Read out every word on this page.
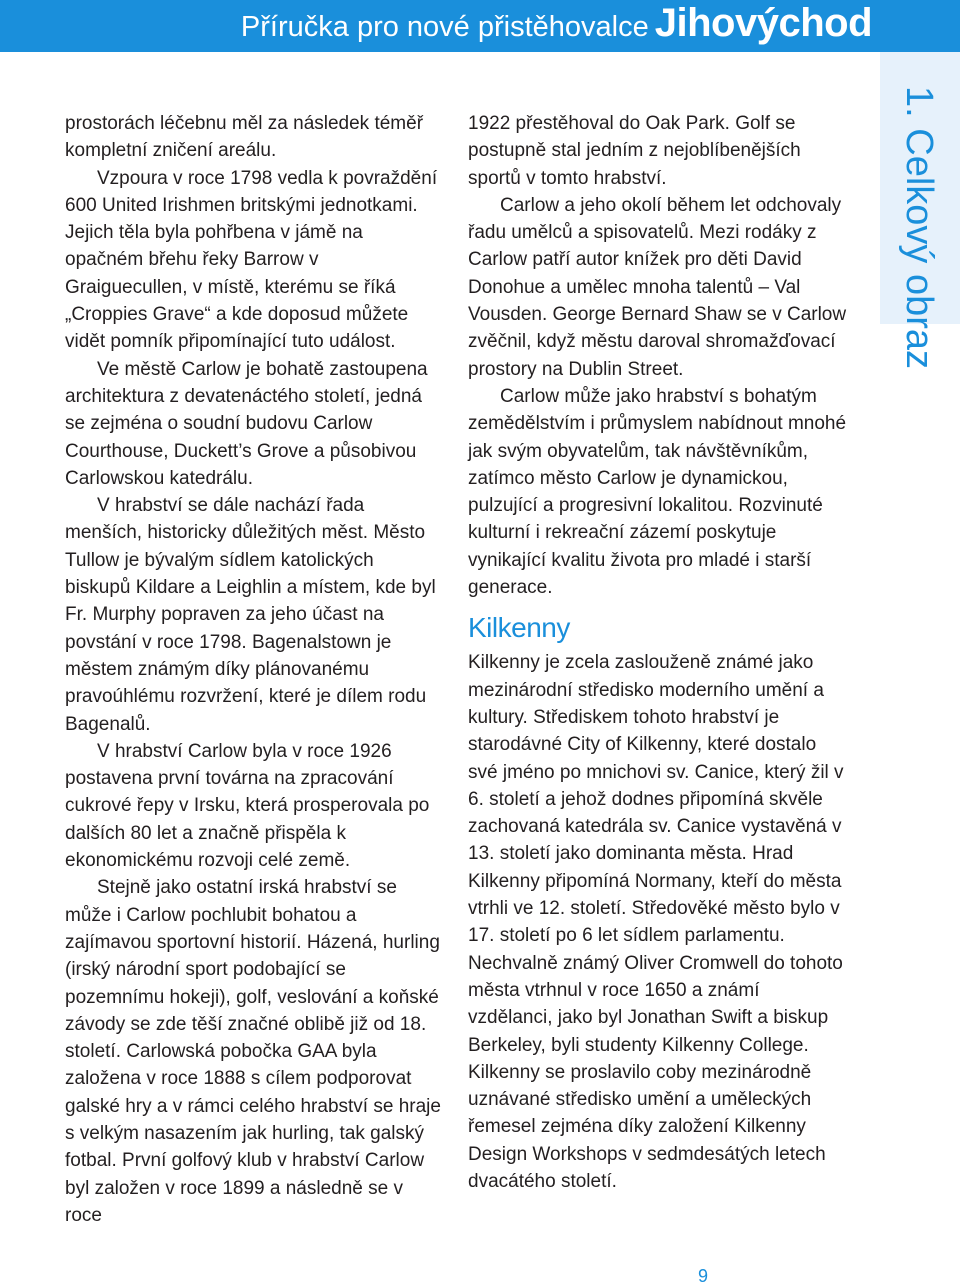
Příručka pro nové přistěhovalce Jihovýchod
1. Celkový obraz

prostorách léčebnu měl za následek téměř kompletní zničení areálu.

Vzpoura v roce 1798 vedla k povraždění 600 United Irishmen britskými jednotkami. Jejich těla byla pohřbena v jámě na opačném břehu řeky Barrow v Graiguecullen, v místě, kterému se říká „Croppies Grave“ a kde doposud můžete vidět pomník připomínající tuto událost.

Ve městě Carlow je bohatě zastoupena architektura z devatenáctého století, jedná se zejména o soudní budovu Carlow Courthouse, Duckett’s Grove a působivou Carlowskou katedrálu.

V hrabství se dále nachází řada menších, historicky důležitých měst. Město Tullow je bývalým sídlem katolických biskupů Kildare a Leighlin a místem, kde byl Fr. Murphy popraven za jeho účast na povstání v roce 1798. Bagenalstown je městem známým díky plánovanému pravoúhlému rozvržení, které je dílem rodu Bagenalů.

V hrabství Carlow byla v roce 1926 postavena první továrna na zpracování cukrové řepy v Irsku, která prosperovala po dalších 80 let a značně přispěla k ekonomickému rozvoji celé země.

Stejně jako ostatní irská hrabství se může i Carlow pochlubit bohatou a zajímavou sportovní historií. Házená, hurling (irský národní sport podobající se pozemnímu hokeji), golf, veslování a koňské závody se zde těší značné oblibě již od 18. století. Carlowská pobočka GAA byla založena v roce 1888 s cílem podporovat galské hry a v rámci celého hrabství se hraje s velkým nasazením jak hurling, tak galský fotbal. První golfový klub v hrabství Carlow byl založen v roce 1899 a následně se v roce

1922 přestěhoval do Oak Park. Golf se postupně stal jedním z nejoblíbenějších sportů v tomto hrabství.

Carlow a jeho okolí během let odchovaly řadu umělců a spisovatelů. Mezi rodáky z Carlow patří autor knížek pro děti David Donohue a umělec mnoha talentů – Val Vousden. George Bernard Shaw se v Carlow zvěčnil, když městu daroval shromažďovací prostory na Dublin Street.

Carlow může jako hrabství s bohatým zemědělstvím i průmyslem nabídnout mnohé jak svým obyvatelům, tak návštěvníkům, zatímco město Carlow je dynamickou, pulzující a progresivní lokalitou. Rozvinuté kulturní i rekreační zázemí poskytuje vynikající kvalitu života pro mladé i starší generace.

Kilkenny

Kilkenny je zcela zaslouženě známé jako mezinárodní středisko moderního umění a kultury. Střediskem tohoto hrabství je starodávné City of Kilkenny, které dostalo své jméno po mnichovi sv. Canice, který žil v 6. století a jehož dodnes připomíná skvěle zachovaná katedrála sv. Canice vystavěná v 13. století jako dominanta města. Hrad Kilkenny připomíná Normany, kteří do města vtrhli ve 12. století. Středověké město bylo v 17. století po 6 let sídlem parlamentu. Nechvalně známý Oliver Cromwell do tohoto města vtrhnul v roce 1650 a známí vzdělanci, jako byl Jonathan Swift a biskup Berkeley, byli studenty Kilkenny College. Kilkenny se proslavilo coby mezinárodně uznávané středisko umění a uměleckých řemesel zejména díky založení Kilkenny Design Workshops v sedmdesátých letech dvacátého století.

9
